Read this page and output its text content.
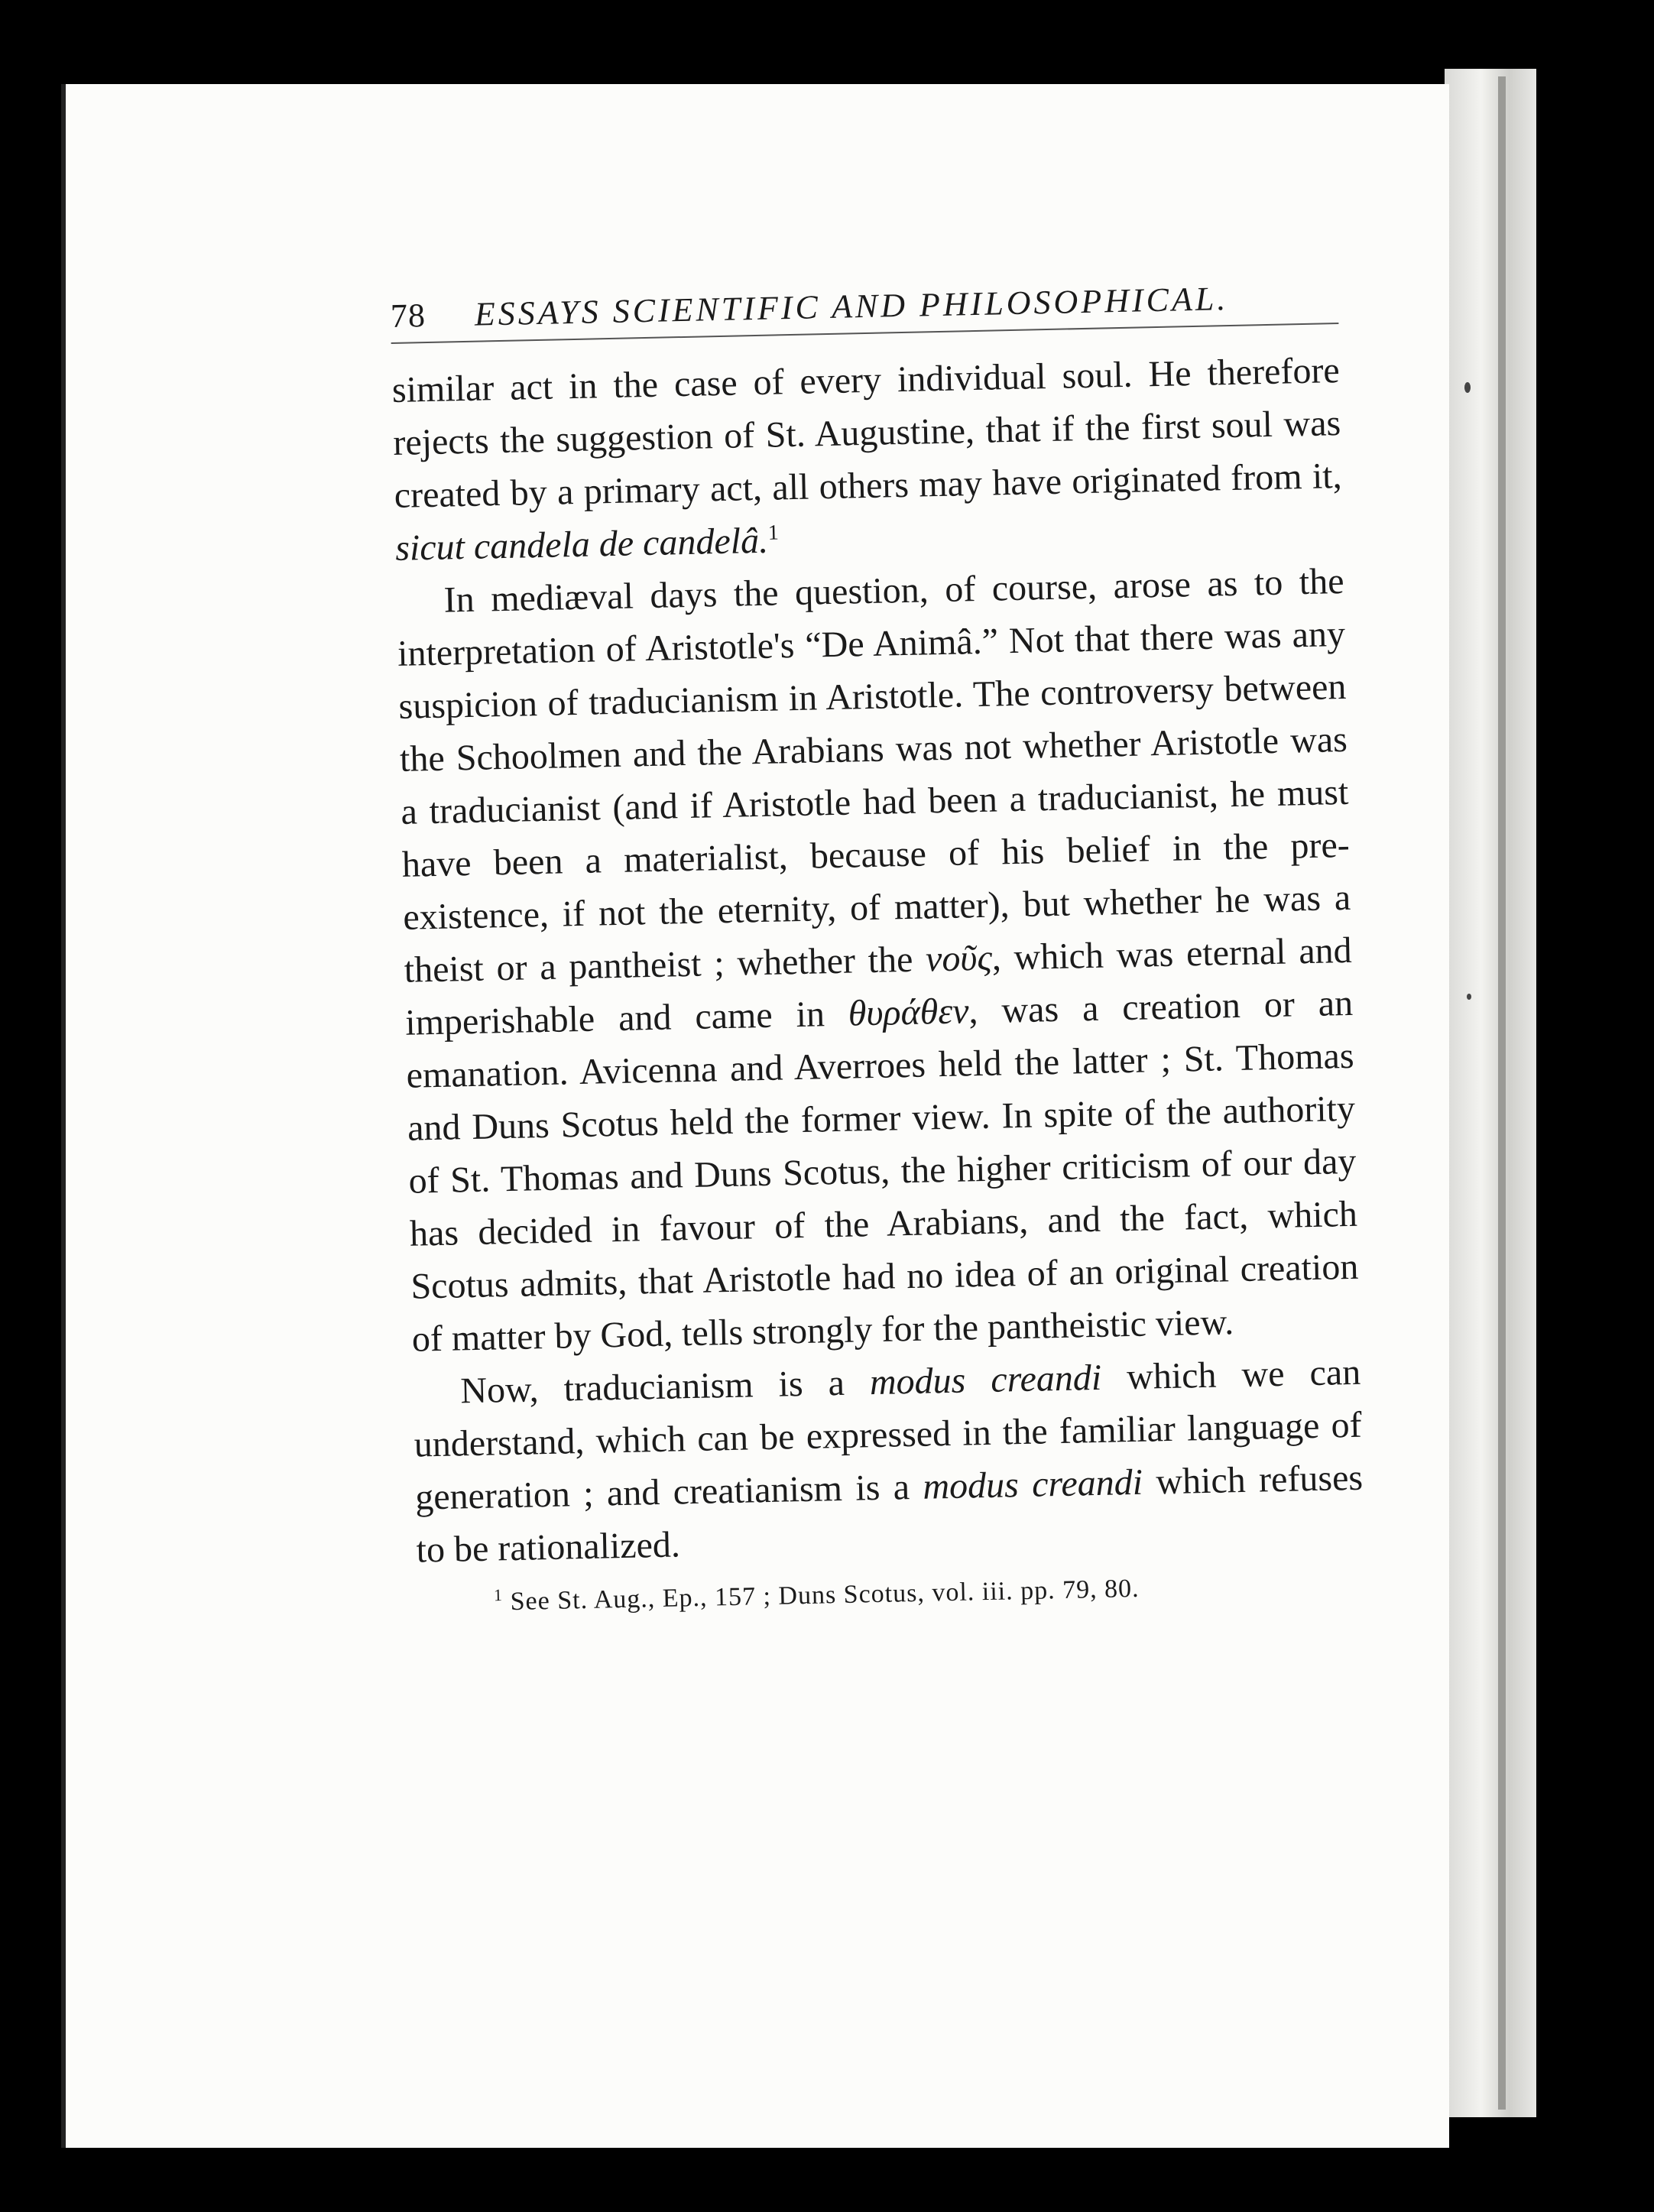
78 ESSAYS SCIENTIFIC AND PHILOSOPHICAL.

similar act in the case of every individual soul. He therefore rejects the suggestion of St. Augustine, that if the first soul was created by a primary act, all others may have originated from it, sicut candela de candelâ.$^1$

In mediæval days the question, of course, arose as to the interpretation of Aristotle's “De Animâ.” Not that there was any suspicion of traducianism in Aristotle. The controversy between the Schoolmen and the Arabians was not whether Aristotle was a traducianist (and if Aristotle had been a traducianist, he must have been a materialist, because of his belief in the pre-existence, if not the eternity, of matter), but whether he was a theist or a pantheist ; whether the νοῦς, which was eternal and imperishable and came in θυράθεν, was a creation or an emanation. Avicenna and Averroes held the latter ; St. Thomas and Duns Scotus held the former view. In spite of the authority of St. Thomas and Duns Scotus, the higher criticism of our day has decided in favour of the Arabians, and the fact, which Scotus admits, that Aristotle had no idea of an original creation of matter by God, tells strongly for the pantheistic view.

Now, traducianism is a modus creandi which we can understand, which can be expressed in the familiar language of generation ; and creatianism is a modus creandi which refuses to be rationalized.

$^1$ See St. Aug., Ep., 157 ; Duns Scotus, vol. iii. pp. 79, 80.
